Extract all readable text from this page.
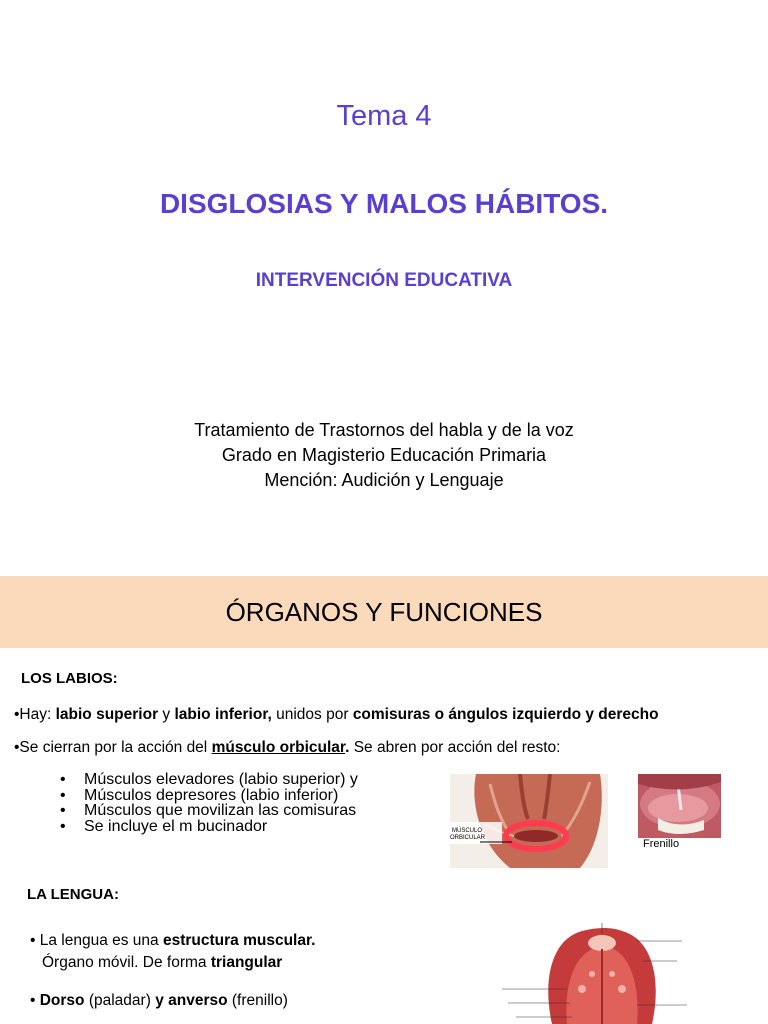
Tema 4
DISGLOSIAS Y MALOS HÁBITOS.
INTERVENCIÓN EDUCATIVA
Tratamiento de Trastornos del habla y de la voz
Grado en Magisterio Educación Primaria
Mención: Audición y Lenguaje
ÓRGANOS Y FUNCIONES
LOS LABIOS:
•Hay: labio superior y labio inferior, unidos por comisuras o ángulos izquierdo y derecho
•Se cierran por la acción del músculo orbicular. Se abren por acción del resto:
•	Músculos elevadores (labio superior) y
•	Músculos depresores (labio inferior)
•	Músculos que movilizan las comisuras
•	Se incluye el m bucinador	MÚSCULO
ORBICULAR	Frenillo
LA LENGUA:
• La lengua es una estructura muscular.
Órgano móvil. De forma triangular
• Dorso (paladar) y anverso (frenillo)
